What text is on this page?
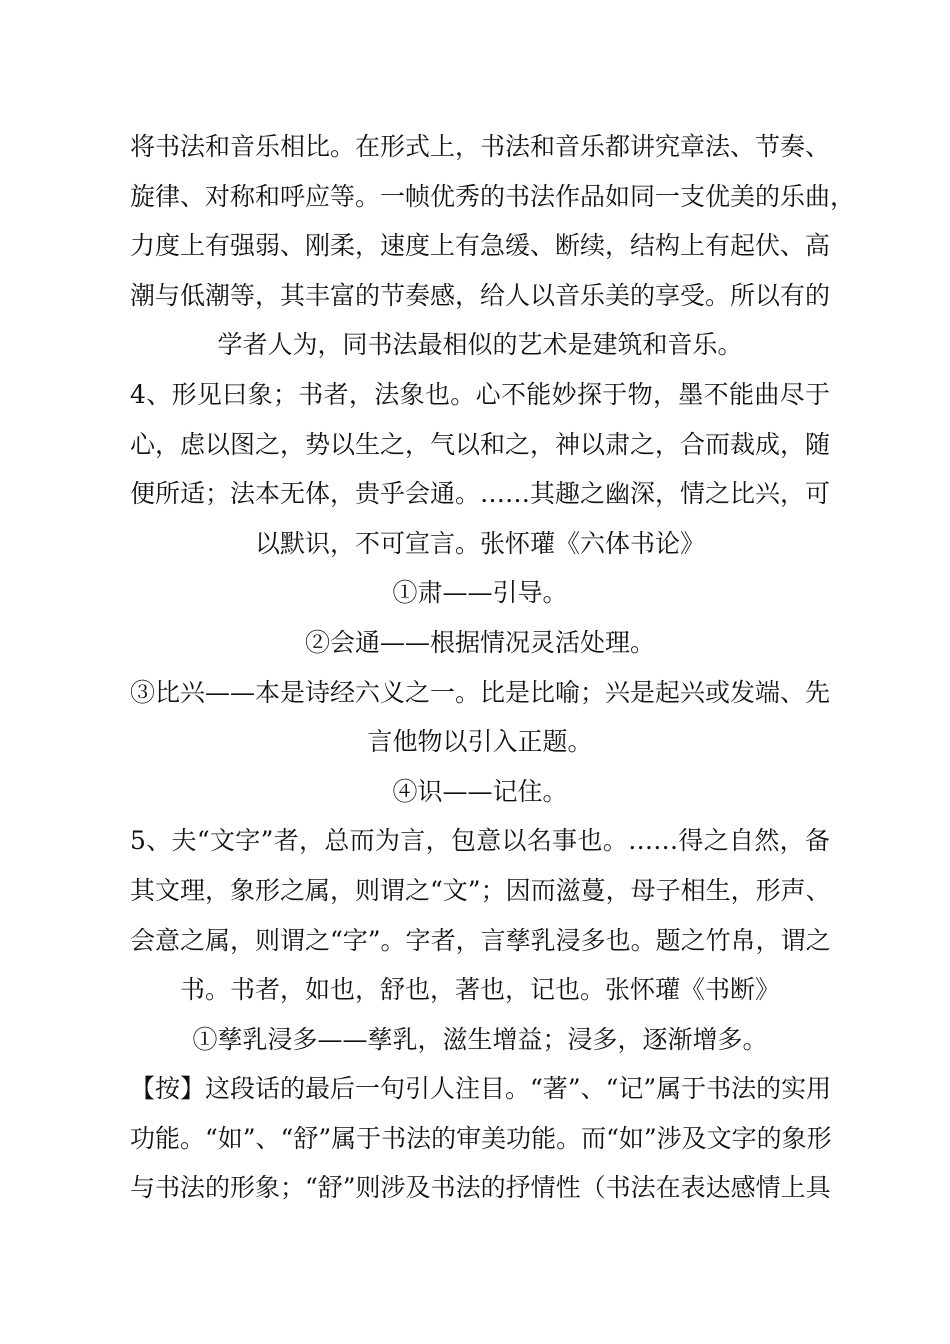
将书法和音乐相比。在形式上，书法和音乐都讲究章法、节奏、
旋律、对称和呼应等。一帧优秀的书法作品如同一支优美的乐曲，
力度上有强弱、刚柔，速度上有急缓、断续，结构上有起伏、高
潮与低潮等，其丰富的节奏感，给人以音乐美的享受。所以有的
学者人为，同书法最相似的艺术是建筑和音乐。
4、形见曰象；书者，法象也。心不能妙探于物，墨不能曲尽于
心，虑以图之，势以生之，气以和之，神以肃之，合而裁成，随
便所适；法本无体，贵乎会通。……其趣之幽深，情之比兴，可
以默识，不可宣言。张怀瓘《六体书论》
①肃——引导。
②会通——根据情况灵活处理。
③比兴——本是诗经六义之一。比是比喻；兴是起兴或发端、先
言他物以引入正题。
④识——记住。
5、夫“文字”者，总而为言，包意以名事也。……得之自然，备
其文理，象形之属，则谓之“文”；因而滋蔓，母子相生，形声、
会意之属，则谓之“字”。字者，言孳乳浸多也。题之竹帛，谓之
书。书者，如也，舒也，著也，记也。张怀瓘《书断》
①孳乳浸多——孳乳，滋生增益；浸多，逐渐增多。
【按】这段话的最后一句引人注目。“著”、“记”属于书法的实用
功能。“如”、“舒”属于书法的审美功能。而“如”涉及文字的象形
与书法的形象；“舒”则涉及书法的抒情性（书法在表达感情上具
